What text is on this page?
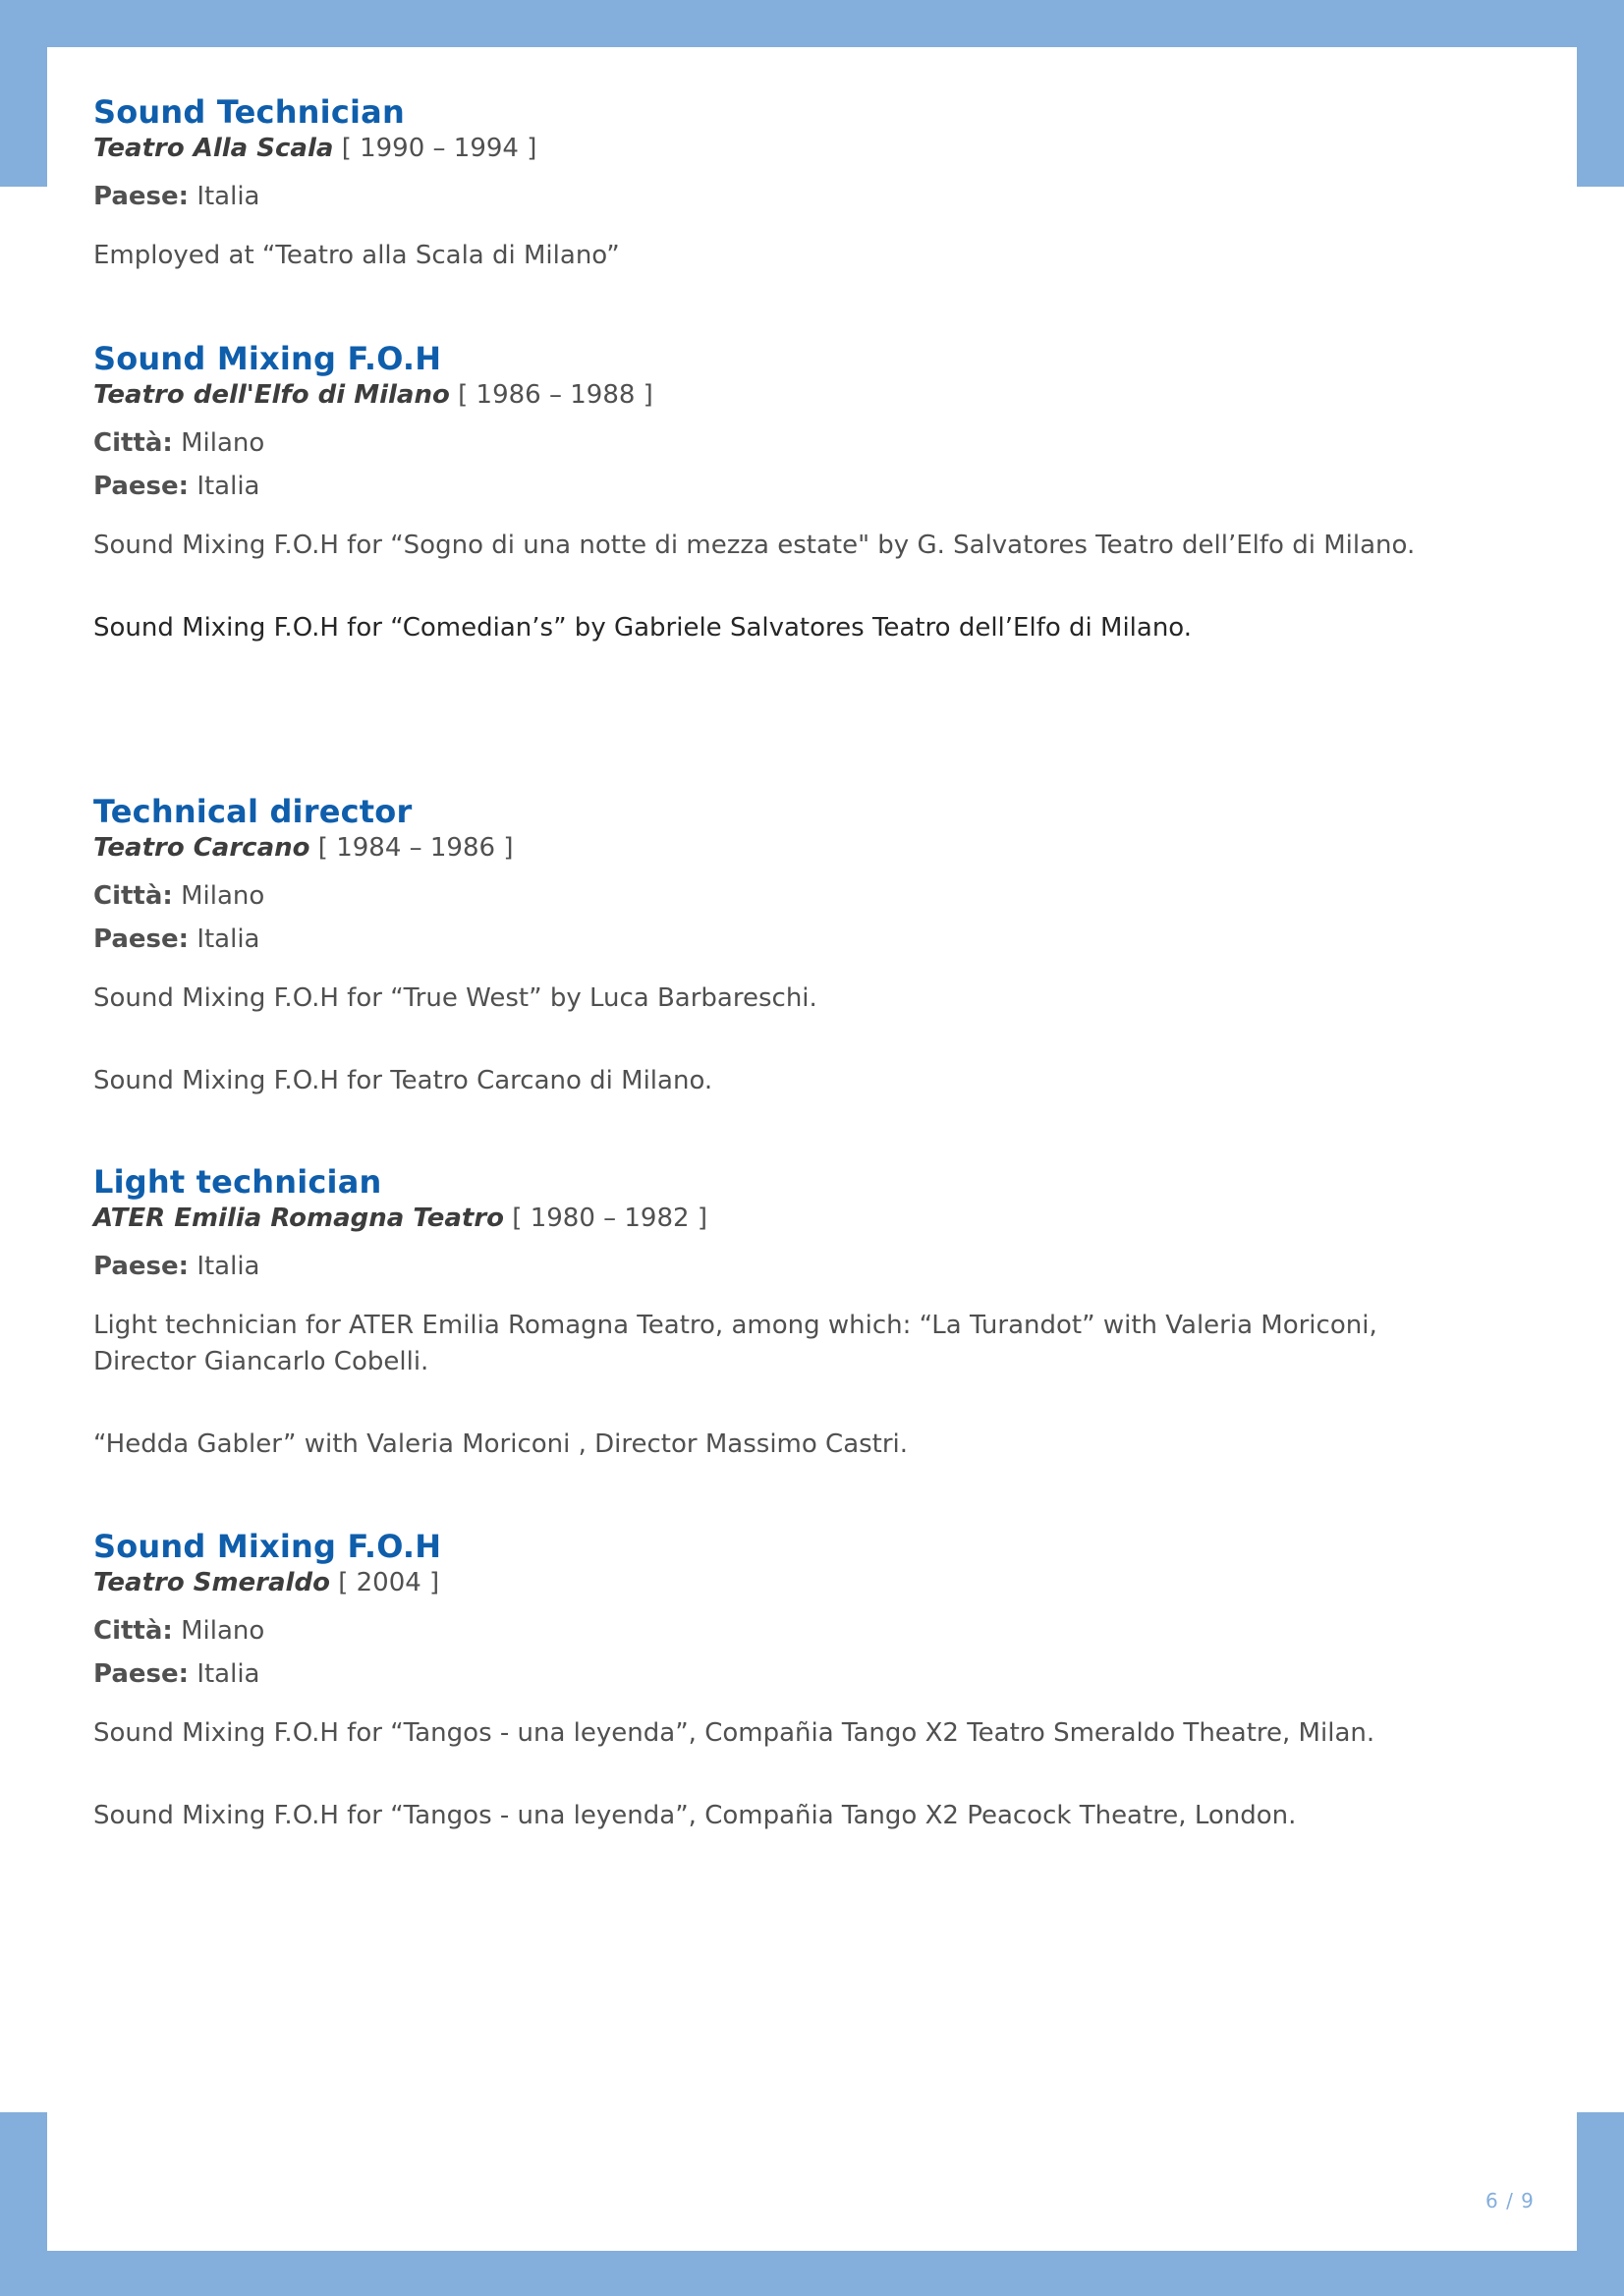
Sound Technician

Teatro Alla Scala [ 1990 – 1994 ]

Paese: Italia

Employed at “Teatro alla Scala di Milano”

Sound Mixing F.O.H

Teatro dell'Elfo di Milano [ 1986 – 1988 ]

Città: Milano

Paese: Italia

Sound Mixing F.O.H for “Sogno di una notte di mezza estate" by G. Salvatores Teatro dell’Elfo di Milano.

Sound Mixing F.O.H for “Comedian’s” by Gabriele Salvatores Teatro dell’Elfo di Milano.

Technical director

Teatro Carcano [ 1984 – 1986 ]

Città: Milano

Paese: Italia

Sound Mixing F.O.H for “True West” by Luca Barbareschi.

Sound Mixing F.O.H for Teatro Carcano di Milano.

Light technician

ATER Emilia Romagna Teatro [ 1980 – 1982 ]

Paese: Italia

Light technician for ATER Emilia Romagna Teatro, among which: “La Turandot” with Valeria Moriconi,

Director Giancarlo Cobelli.

“Hedda Gabler” with Valeria Moriconi , Director Massimo Castri.

Sound Mixing F.O.H

Teatro Smeraldo [ 2004 ]

Città: Milano

Paese: Italia

Sound Mixing F.O.H for “Tangos - una leyenda”, Compañia Tango X2 Teatro Smeraldo Theatre, Milan.

Sound Mixing F.O.H for “Tangos - una leyenda”, Compañia Tango X2 Peacock Theatre, London.

6 / 9
